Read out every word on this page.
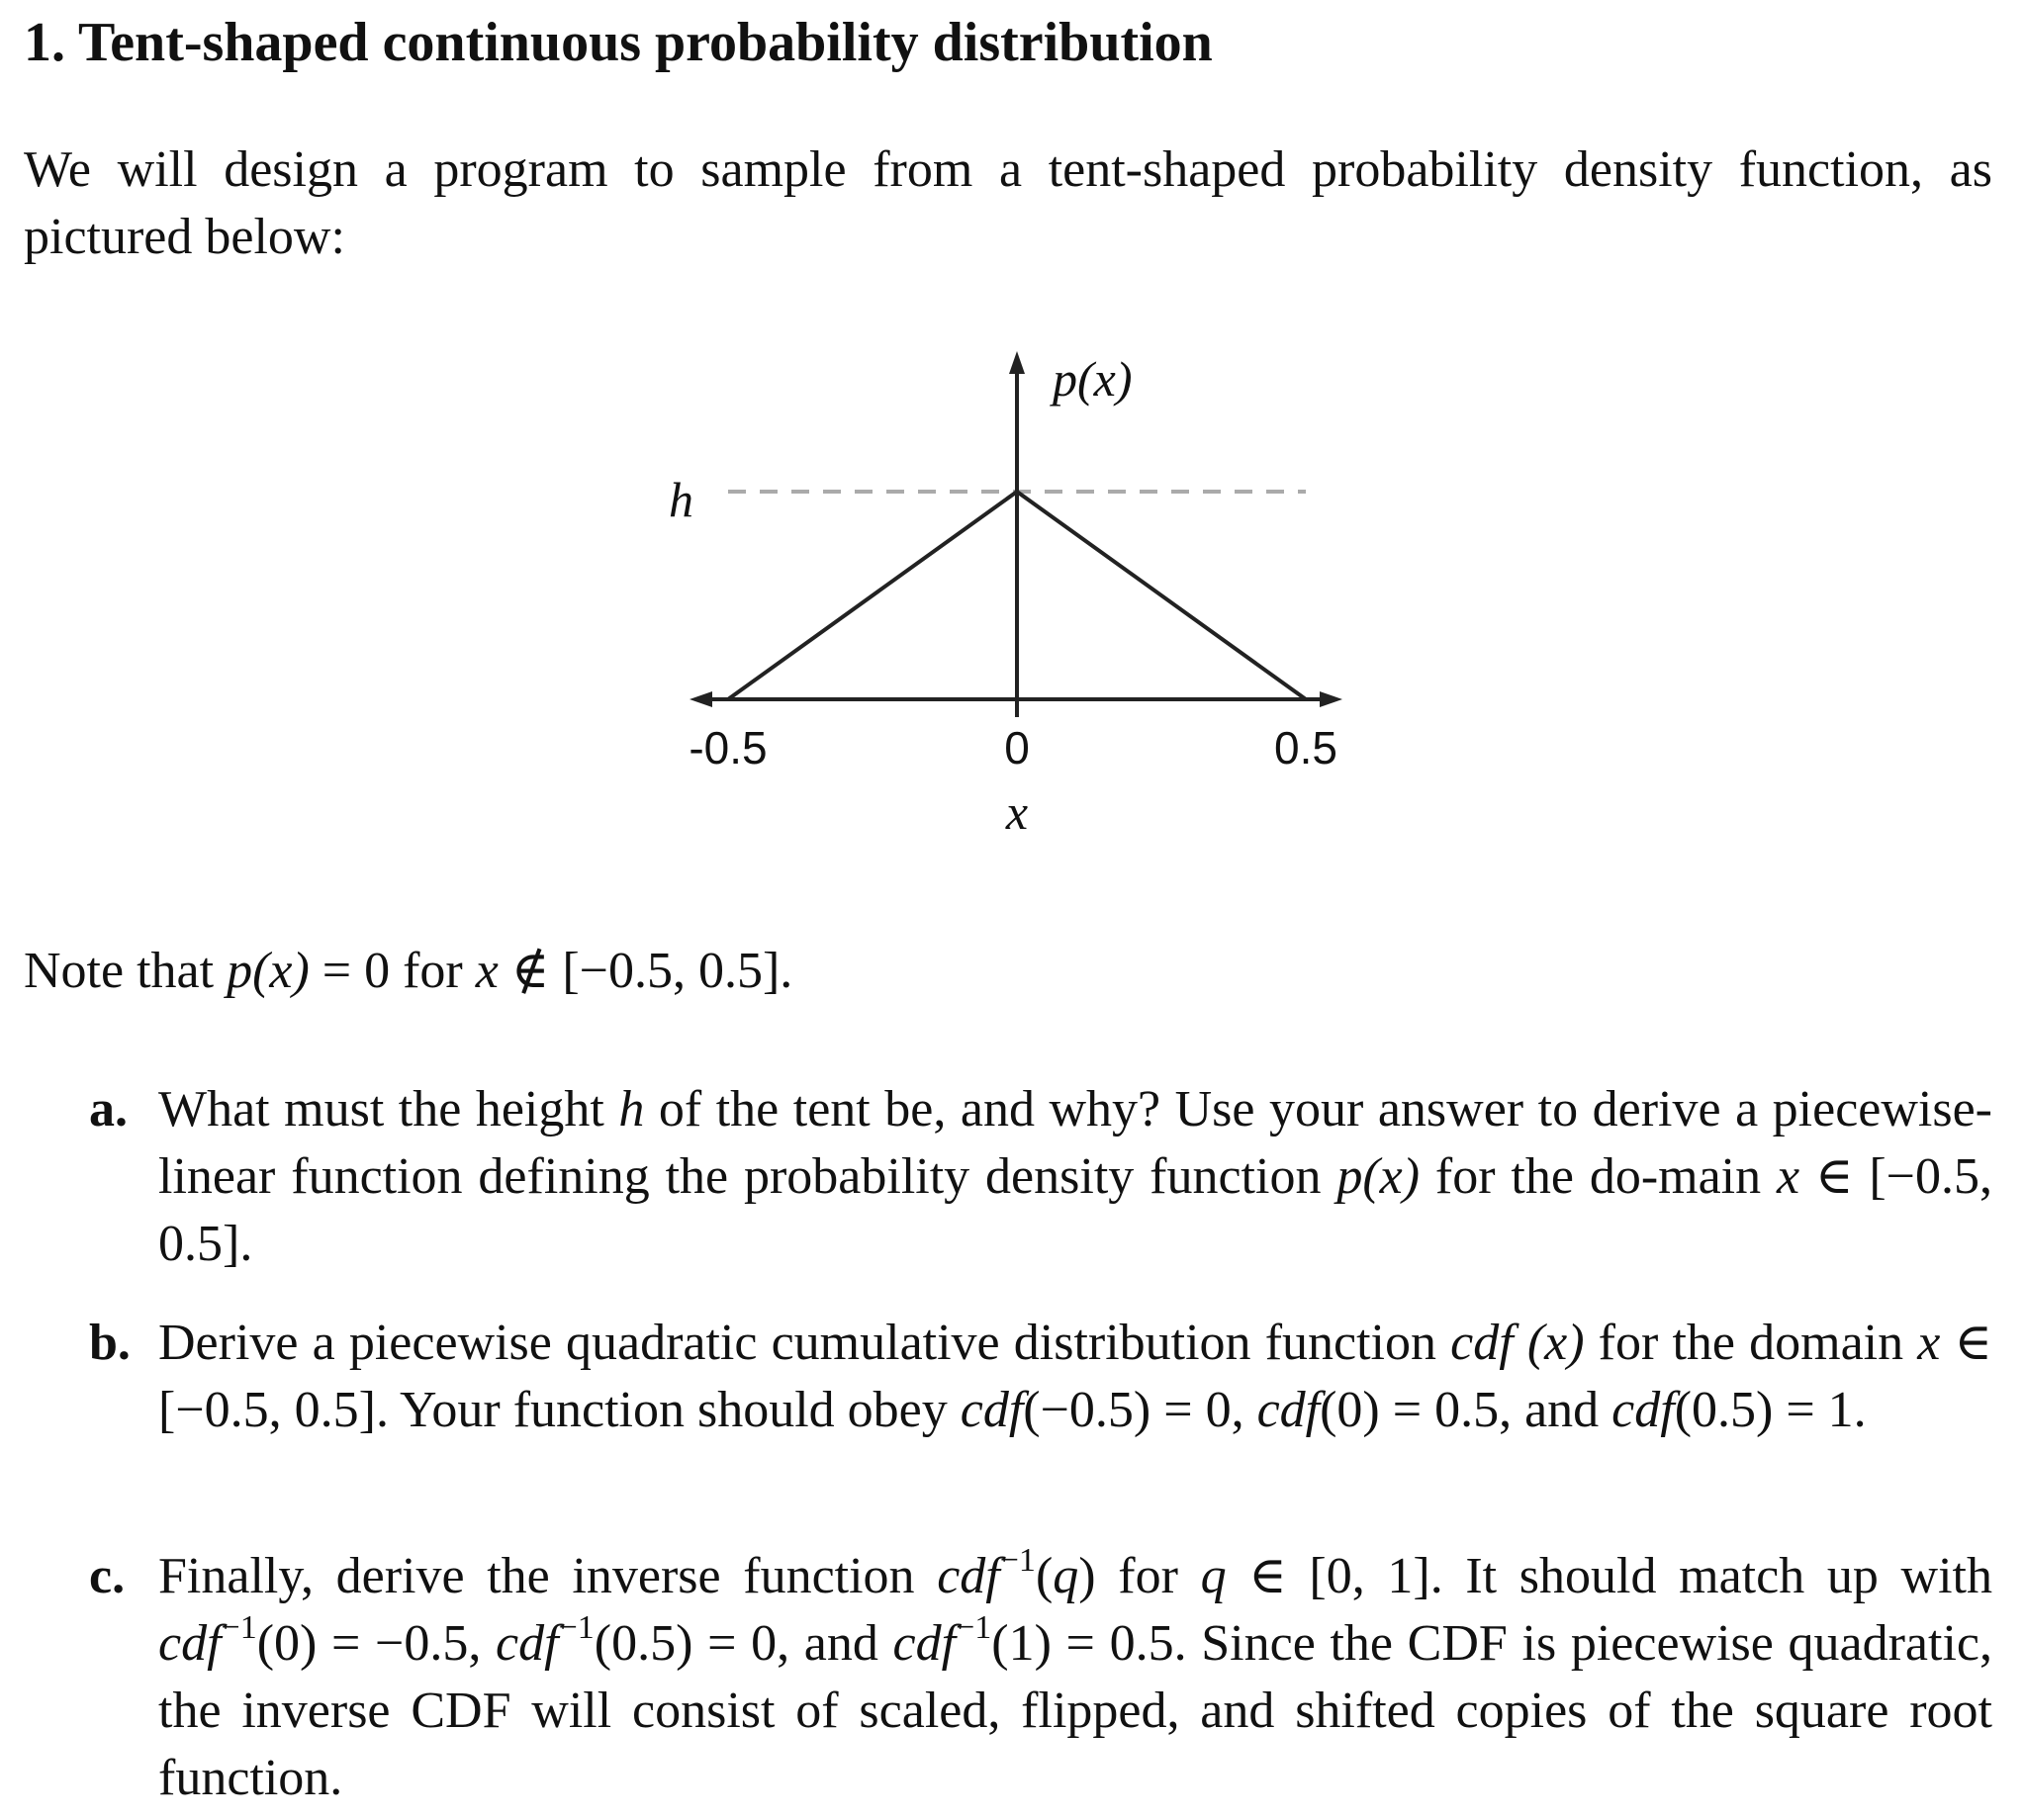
1. Tent-shaped continuous probability distribution
We will design a program to sample from a tent-shaped probability density function, as pictured below:
p(x)
h
-0.5	0	0.5
x
Note that p(x) = 0 for x ∉ [−0.5, 0.5].
a. What must the height h of the tent be, and why? Use your answer to derive a piecewise-linear function defining the probability density function p(x) for the do-main x ∈ [−0.5, 0.5].
b. Derive a piecewise quadratic cumulative distribution function cdf (x) for the domain x ∈ [−0.5, 0.5]. Your function should obey cdf(−0.5) = 0, cdf(0) = 0.5, and cdf(0.5) = 1.
c. Finally, derive the inverse function cdf$^{-1}$(q) for q ∈ [0, 1]. It should match up with cdf$^{-1}$(0) = −0.5, cdf$^{-1}$(0.5) = 0, and cdf$^{-1}$(1) = 0.5. Since the CDF is piecewise quadratic, the inverse CDF will consist of scaled, flipped, and shifted copies of the square root function.
